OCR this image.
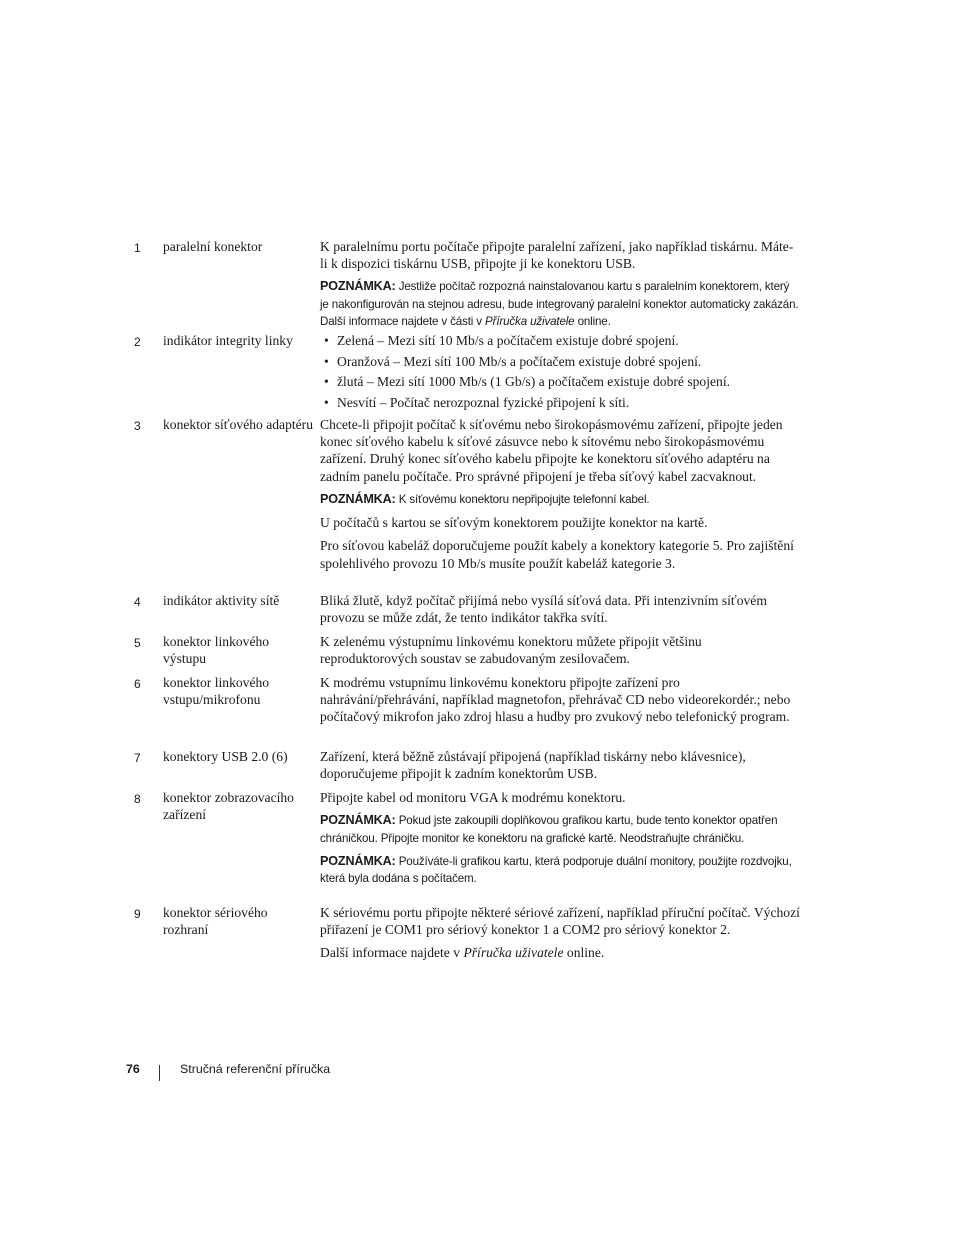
1	paralelní konektor	K paralelnímu portu počítače připojte paralelní zařízení, jako například tiskárnu. Máte-li k dispozici tiskárnu USB, připojte ji ke konektoru USB.

POZNÁMKA: Jestliže počítač rozpozná nainstalovanou kartu s paralelním konektorem, který je nakonfigurován na stejnou adresu, bude integrovaný paralelní konektor automaticky zakázán. Další informace najdete v části v Příručka uživatele online.

2	indikátor integrity linky
•	Zelená – Mezi sítí 10 Mb/s a počítačem existuje dobré spojení.
• Oranžová – Mezi sítí 100 Mb/s a počítačem existuje dobré spojení.
• žlutá – Mezi sítí 1000 Mb/s (1 Gb/s) a počítačem existuje dobré spojení.
• Nesvítí – Počítač nerozpoznal fyzické připojení k síti.
3	konektor síťového adaptéru Chcete-li připojit počítač k síťovému nebo širokopásmovému zařízení, připojte jeden konec síťového kabelu k síťové zásuvce nebo k sítovému nebo širokopásmovému zařízení. Druhý konec síťového kabelu připojte ke konektoru síťového adaptéru na zadním panelu počítače. Pro správné připojení je třeba síťový kabel zacvaknout.

POZNÁMKA: K síťovému konektoru nepřipojujte telefonní kabel.

U počítačů s kartou se síťovým konektorem použijte konektor na kartě.

Pro síťovou kabeláž doporučujeme použít kabely a konektory kategorie 5. Pro zajištění spolehlivého provozu 10 Mb/s musíte použít kabeláž kategorie 3.

4	indikátor aktivity sítě	Bliká žlutě, když počítač přijímá nebo vysílá síťová data. Při intenzivním síťovém provozu se může zdát, že tento indikátor takřka svítí.

5	konektor linkového výstupu

K zelenému výstupnímu linkovému konektoru můžete připojit většinu reproduktorových soustav se zabudovaným zesilovačem.

6	konektor linkového vstupu/mikrofonu

K modrému vstupnímu linkovému konektoru připojte zařízení pro nahrávání/přehrávání, například magnetofon, přehrávač CD nebo videorekordér.; nebo počítačový mikrofon jako zdroj hlasu a hudby pro zvukový nebo telefonický program.

7	konektory USB 2.0 (6)	Zařízení, která běžně zůstávají připojená (například tiskárny nebo klávesnice), doporučujeme připojit k zadním konektorům USB.

8	konektor zobrazovacího zařízení

Připojte kabel od monitoru VGA k modrému konektoru.

POZNÁMKA: Pokud jste zakoupili doplňkovou grafikou kartu, bude tento konektor opatřen chráničkou. Připojte monitor ke konektoru na grafické kartě. Neodstraňujte chráničku.

POZNÁMKA: Používáte-li grafikou kartu, která podporuje duální monitory, použijte rozdvojku, která byla dodána s počítačem.

9	konektor sériového rozhraní

K sériovému portu připojte některé sériové zařízení, například příruční počítač. Výchozí přiřazení je COM1 pro sériový konektor 1 a COM2 pro sériový konektor 2.

Další informace najdete v Příručka uživatele online.

76	Stručná referenční příručka
